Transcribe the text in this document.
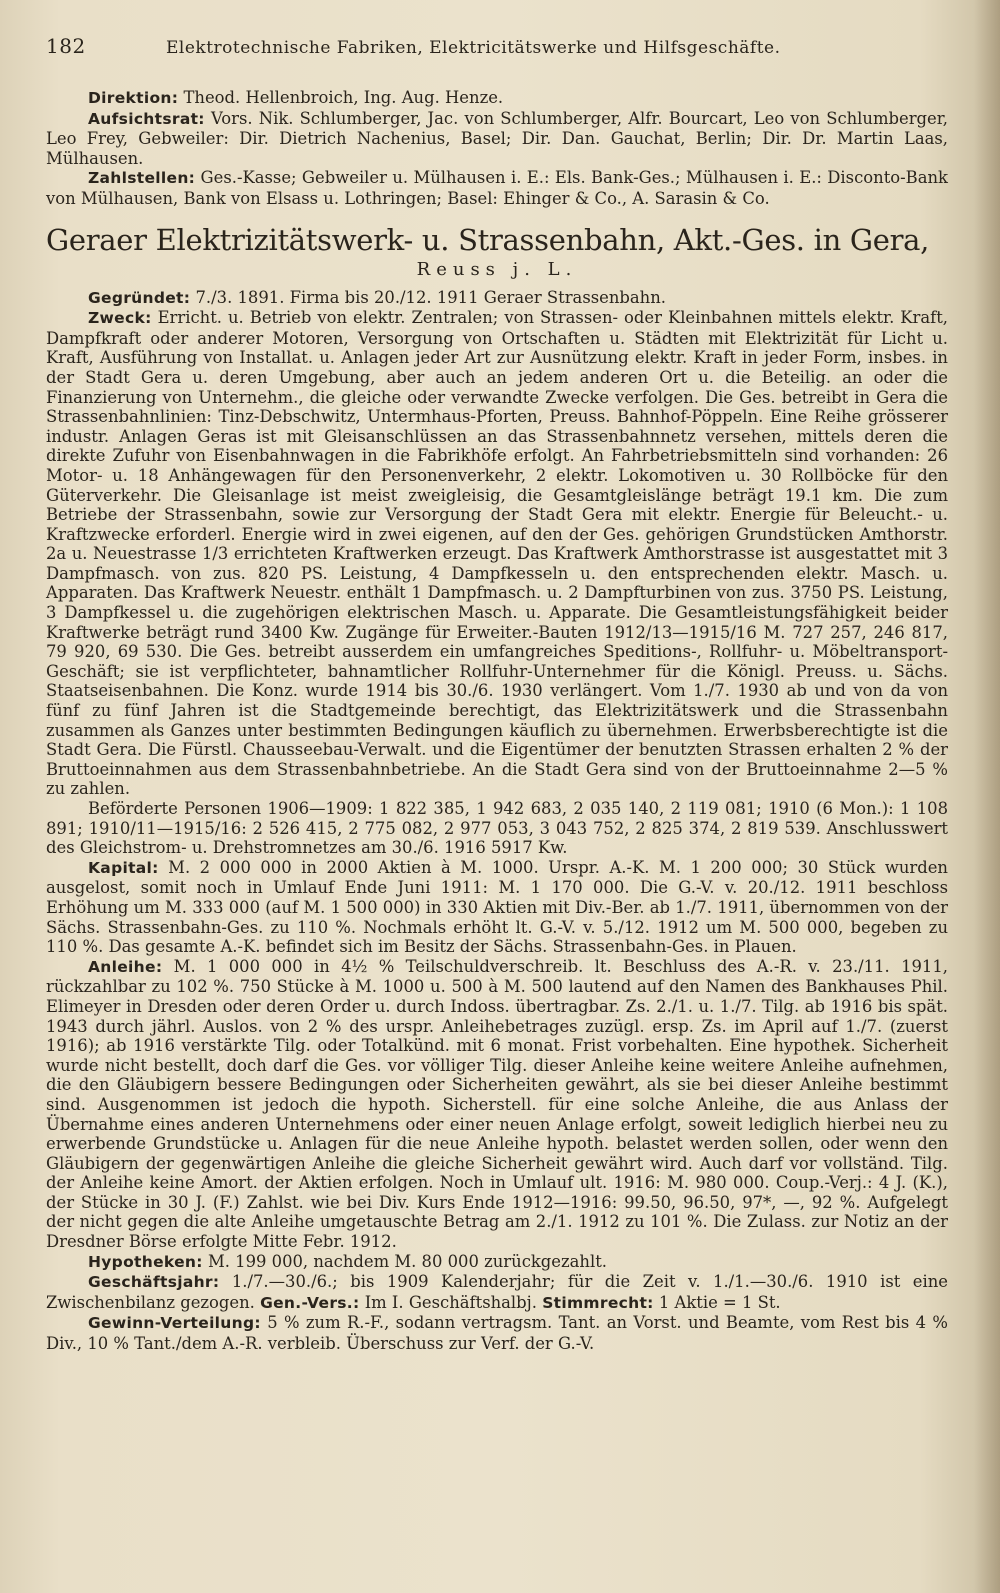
182	Elektrotechnische Fabriken, Elektricitätswerke und Hilfsgeschäfte.

Direktion: Theod. Hellenbroich, Ing. Aug. Henze.

Aufsichtsrat: Vors. Nik. Schlumberger, Jac. von Schlumberger, Alfr. Bourcart, Leo von Schlumberger, Leo Frey, Gebweiler: Dir. Dietrich Nachenius, Basel; Dir. Dan. Gauchat, Berlin; Dir. Dr. Martin Laas, Mülhausen.

Zahlstellen: Ges.-Kasse; Gebweiler u. Mülhausen i. E.: Els. Bank-Ges.; Mülhausen i. E.: Disconto-Bank von Mülhausen, Bank von Elsass u. Lothringen; Basel: Ehinger & Co., A. Sarasin & Co.

Geraer Elektrizitätswerk- u. Strassenbahn, Akt.-Ges. in Gera,
Reuss j. L.

Gegründet: 7./3. 1891. Firma bis 20./12. 1911 Geraer Strassenbahn.

Zweck: Erricht. u. Betrieb von elektr. Zentralen; von Strassen- oder Kleinbahnen mittels elektr. Kraft, Dampfkraft oder anderer Motoren, Versorgung von Ortschaften u. Städten mit Elektrizität für Licht u. Kraft, Ausführung von Installat. u. Anlagen jeder Art zur Ausnützung elektr. Kraft in jeder Form, insbes. in der Stadt Gera u. deren Umgebung, aber auch an jedem anderen Ort u. die Beteilig. an oder die Finanzierung von Unternehm., die gleiche oder verwandte Zwecke verfolgen. Die Ges. betreibt in Gera die Strassenbahnlinien: Tinz-Debschwitz, Untermhaus-Pforten, Preuss. Bahnhof-Pöppeln. Eine Reihe grösserer industr. Anlagen Geras ist mit Gleisanschlüssen an das Strassenbahnnetz versehen, mittels deren die direkte Zufuhr von Eisenbahnwagen in die Fabrikhöfe erfolgt. An Fahrbetriebsmitteln sind vorhanden: 26 Motor- u. 18 Anhängewagen für den Personenverkehr, 2 elektr. Lokomotiven u. 30 Rollböcke für den Güterverkehr. Die Gleisanlage ist meist zweigleisig, die Gesamtgleislänge beträgt 19.1 km. Die zum Betriebe der Strassenbahn, sowie zur Versorgung der Stadt Gera mit elektr. Energie für Beleucht.- u. Kraftzwecke erforderl. Energie wird in zwei eigenen, auf den der Ges. gehörigen Grundstücken Amthorstr. 2a u. Neuestrasse 1/3 errichteten Kraftwerken erzeugt. Das Kraftwerk Amthorstrasse ist ausgestattet mit 3 Dampfmasch. von zus. 820 PS. Leistung, 4 Dampfkesseln u. den entsprechenden elektr. Masch. u. Apparaten. Das Kraftwerk Neuestr. enthält 1 Dampfmasch. u. 2 Dampfturbinen von zus. 3750 PS. Leistung, 3 Dampfkessel u. die zugehörigen elektrischen Masch. u. Apparate. Die Gesamtleistungsfähigkeit beider Kraftwerke beträgt rund 3400 Kw. Zugänge für Erweiter.-Bauten 1912/13—1915/16 M. 727 257, 246 817, 79 920, 69 530. Die Ges. betreibt ausserdem ein umfangreiches Speditions-, Rollfuhr- u. Möbeltransport-Geschäft; sie ist verpflichteter, bahnamtlicher Rollfuhr-Unternehmer für die Königl. Preuss. u. Sächs. Staatseisenbahnen. Die Konz. wurde 1914 bis 30./6. 1930 verlängert. Vom 1./7. 1930 ab und von da von fünf zu fünf Jahren ist die Stadtgemeinde berechtigt, das Elektrizitätswerk und die Strassenbahn zusammen als Ganzes unter bestimmten Bedingungen käuflich zu übernehmen. Erwerbsberechtigte ist die Stadt Gera. Die Fürstl. Chausseebau-Verwalt. und die Eigentümer der benutzten Strassen erhalten 2 % der Bruttoeinnahmen aus dem Strassenbahnbetriebe. An die Stadt Gera sind von der Bruttoeinnahme 2—5 % zu zahlen.

Beförderte Personen 1906—1909: 1 822 385, 1 942 683, 2 035 140, 2 119 081; 1910 (6 Mon.): 1 108 891; 1910/11—1915/16: 2 526 415, 2 775 082, 2 977 053, 3 043 752, 2 825 374, 2 819 539. Anschlusswert des Gleichstrom- u. Drehstromnetzes am 30./6. 1916 5917 Kw.

Kapital: M. 2 000 000 in 2000 Aktien à M. 1000. Urspr. A.-K. M. 1 200 000; 30 Stück wurden ausgelost, somit noch in Umlauf Ende Juni 1911: M. 1 170 000. Die G.-V. v. 20./12. 1911 beschloss Erhöhung um M. 333 000 (auf M. 1 500 000) in 330 Aktien mit Div.-Ber. ab 1./7. 1911, übernommen von der Sächs. Strassenbahn-Ges. zu 110 %. Nochmals erhöht lt. G.-V. v. 5./12. 1912 um M. 500 000, begeben zu 110 %. Das gesamte A.-K. befindet sich im Besitz der Sächs. Strassenbahn-Ges. in Plauen.

Anleihe: M. 1 000 000 in 4½ % Teilschuldverschreib. lt. Beschluss des A.-R. v. 23./11. 1911, rückzahlbar zu 102 %. 750 Stücke à M. 1000 u. 500 à M. 500 lautend auf den Namen des Bankhauses Phil. Elimeyer in Dresden oder deren Order u. durch Indoss. übertragbar. Zs. 2./1. u. 1./7. Tilg. ab 1916 bis spät. 1943 durch jährl. Auslos. von 2 % des urspr. Anleihebetrages zuzügl. ersp. Zs. im April auf 1./7. (zuerst 1916); ab 1916 verstärkte Tilg. oder Totalkünd. mit 6 monat. Frist vorbehalten. Eine hypothek. Sicherheit wurde nicht bestellt, doch darf die Ges. vor völliger Tilg. dieser Anleihe keine weitere Anleihe aufnehmen, die den Gläubigern bessere Bedingungen oder Sicherheiten gewährt, als sie bei dieser Anleihe bestimmt sind. Ausgenommen ist jedoch die hypoth. Sicherstell. für eine solche Anleihe, die aus Anlass der Übernahme eines anderen Unternehmens oder einer neuen Anlage erfolgt, soweit lediglich hierbei neu zu erwerbende Grundstücke u. Anlagen für die neue Anleihe hypoth. belastet werden sollen, oder wenn den Gläubigern der gegenwärtigen Anleihe die gleiche Sicherheit gewährt wird. Auch darf vor vollständ. Tilg. der Anleihe keine Amort. der Aktien erfolgen. Noch in Umlauf ult. 1916: M. 980 000. Coup.-Verj.: 4 J. (K.), der Stücke in 30 J. (F.) Zahlst. wie bei Div. Kurs Ende 1912—1916: 99.50, 96.50, 97*, —, 92 %. Aufgelegt der nicht gegen die alte Anleihe umgetauschte Betrag am 2./1. 1912 zu 101 %. Die Zulass. zur Notiz an der Dresdner Börse erfolgte Mitte Febr. 1912.

Hypotheken: M. 199 000, nachdem M. 80 000 zurückgezahlt.

Geschäftsjahr: 1./7.—30./6.; bis 1909 Kalenderjahr; für die Zeit v. 1./1.—30./6. 1910 ist eine Zwischenbilanz gezogen. Gen.-Vers.: Im I. Geschäftshalbj. Stimmrecht: 1 Aktie = 1 St.

Gewinn-Verteilung: 5 % zum R.-F., sodann vertragsm. Tant. an Vorst. und Beamte, vom Rest bis 4 % Div., 10 % Tant./dem A.-R. verbleib. Überschuss zur Verf. der G.-V.
